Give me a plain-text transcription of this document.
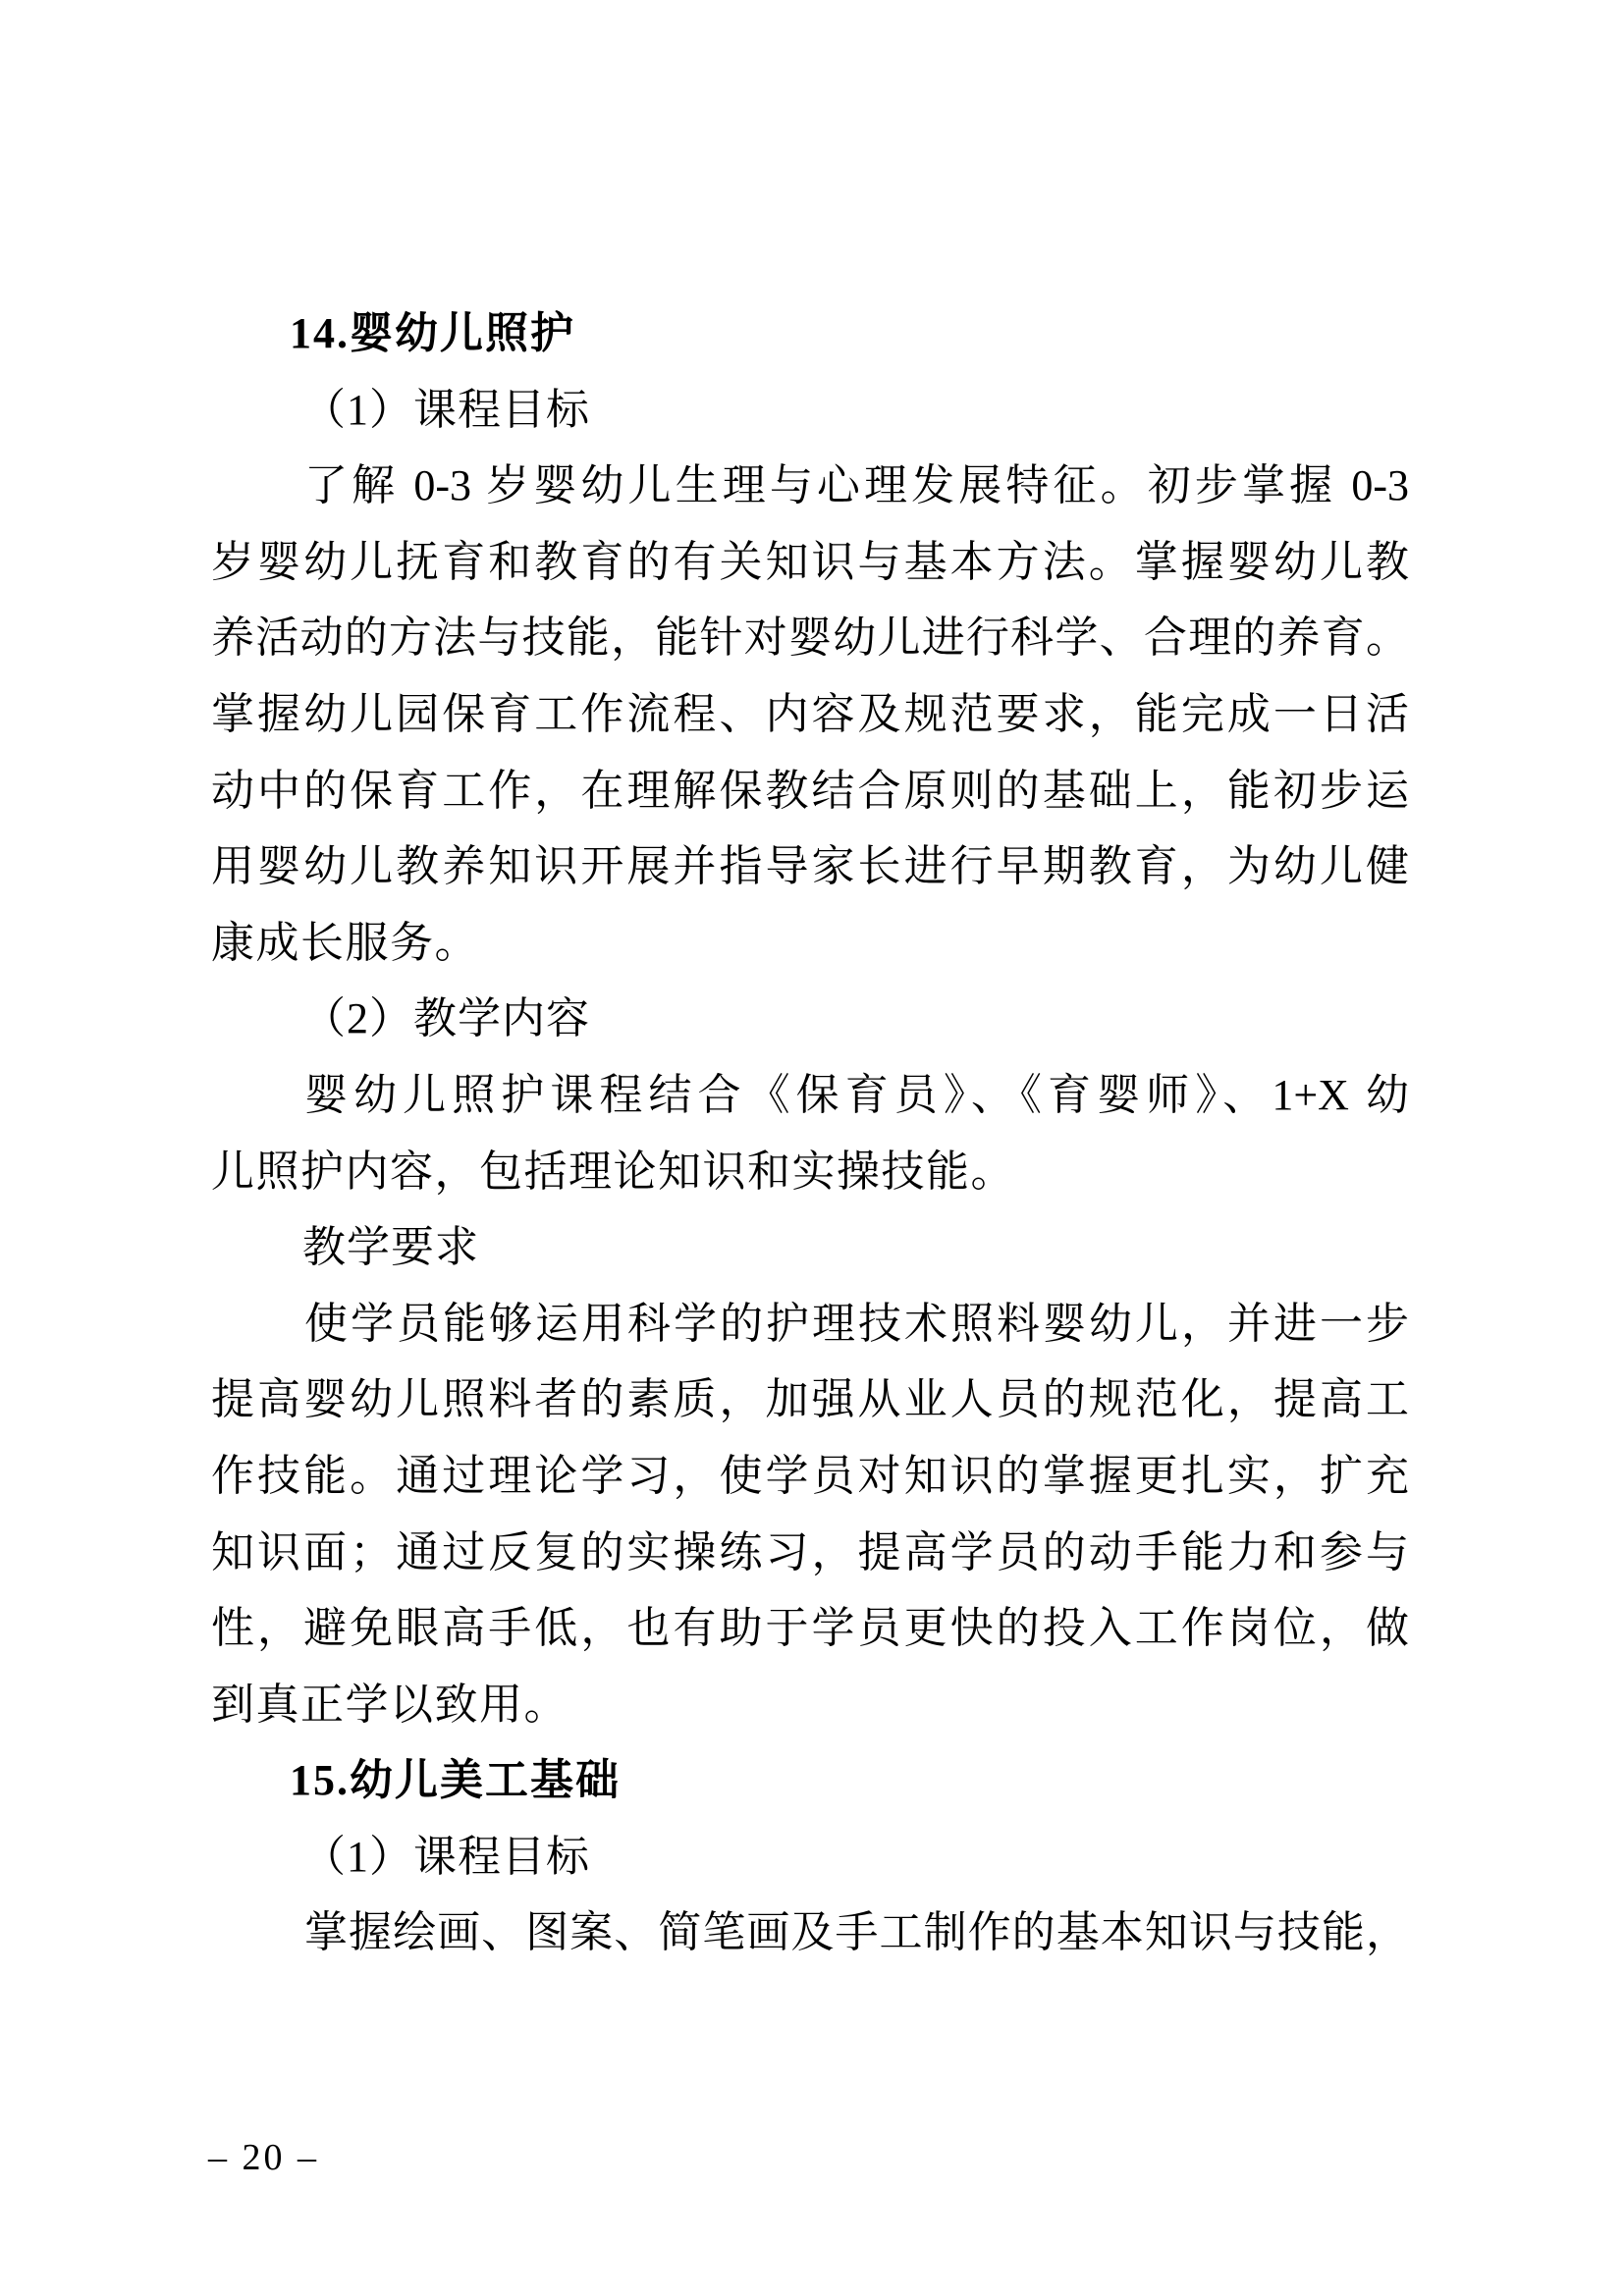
14.婴幼儿照护
（1）课程目标
了解 0-3 岁婴幼儿生理与心理发展特征。初步掌握 0-3
岁婴幼儿抚育和教育的有关知识与基本方法。掌握婴幼儿教
养活动的方法与技能，能针对婴幼儿进行科学、合理的养育。
掌握幼儿园保育工作流程、内容及规范要求，能完成一日活
动中的保育工作，在理解保教结合原则的基础上，能初步运
用婴幼儿教养知识开展并指导家长进行早期教育，为幼儿健
康成长服务。
（2）教学内容
婴幼儿照护课程结合《保育员》、《育婴师》、1+X 幼
儿照护内容，包括理论知识和实操技能。
教学要求
使学员能够运用科学的护理技术照料婴幼儿，并进一步
提高婴幼儿照料者的素质，加强从业人员的规范化，提高工
作技能。通过理论学习，使学员对知识的掌握更扎实，扩充
知识面；通过反复的实操练习，提高学员的动手能力和参与
性，避免眼高手低，也有助于学员更快的投入工作岗位，做
到真正学以致用。
15.幼儿美工基础
（1）课程目标
掌握绘画、图案、简笔画及手工制作的基本知识与技能，
– 20 –
